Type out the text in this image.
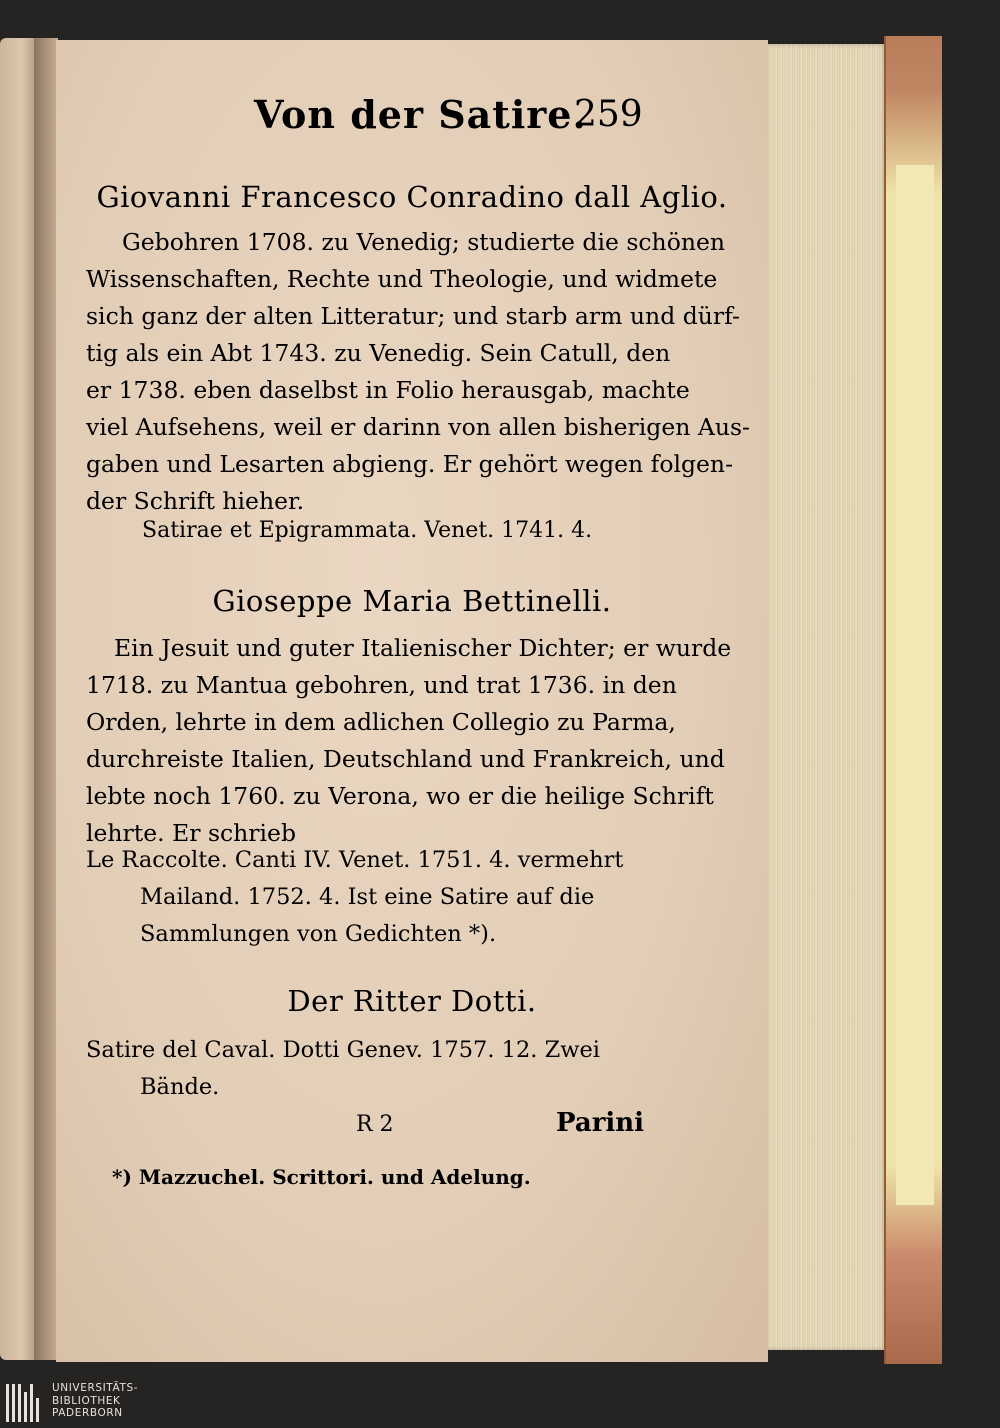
Von der Satire.
259
Giovanni Francesco Conradino dall Aglio.
Gebohren 1708. zu Venedig; studierte die schönen
Wissenschaften, Rechte und Theologie, und widmete
sich ganz der alten Litteratur; und starb arm und dürf-
tig als ein Abt 1743. zu Venedig. Sein Catull, den
er 1738. eben daselbst in Folio herausgab, machte
viel Aufsehens, weil er darinn von allen bisherigen Aus-
gaben und Lesarten abgieng. Er gehört wegen folgen-
der Schrift hieher.
Satirae et Epigrammata. Venet. 1741. 4.
Gioseppe Maria Bettinelli.
Ein Jesuit und guter Italienischer Dichter; er wurde
1718. zu Mantua gebohren, und trat 1736. in den
Orden, lehrte in dem adlichen Collegio zu Parma,
durchreiste Italien, Deutschland und Frankreich, und
lebte noch 1760. zu Verona, wo er die heilige Schrift
lehrte. Er schrieb
Le Raccolte. Canti IV. Venet. 1751. 4. vermehrt
Mailand. 1752. 4. Ist eine Satire auf die
Sammlungen von Gedichten *).
Der Ritter Dotti.
Satire del Caval. Dotti Genev. 1757. 12. Zwei
Bände.
R 2	Parini
*) Mazzuchel. Scrittori. und Adelung.
UNIVERSITÄTS-
BIBLIOTHEK
PADERBORN
